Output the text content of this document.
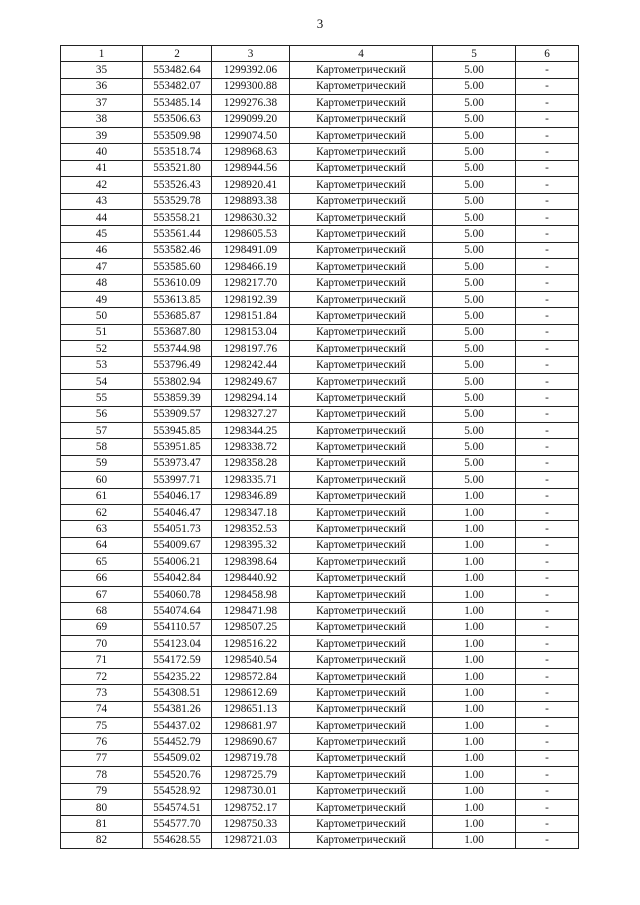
3
1	2	3	4	5	6
35	553482.64	1299392.06	Картометрический	5.00	-
36	553482.07	1299300.88	Картометрический	5.00	-
37	553485.14	1299276.38	Картометрический	5.00	-
38	553506.63	1299099.20	Картометрический	5.00	-
39	553509.98	1299074.50	Картометрический	5.00	-
40	553518.74	1298968.63	Картометрический	5.00	-
41	553521.80	1298944.56	Картометрический	5.00	-
42	553526.43	1298920.41	Картометрический	5.00	-
43	553529.78	1298893.38	Картометрический	5.00	-
44	553558.21	1298630.32	Картометрический	5.00	-
45	553561.44	1298605.53	Картометрический	5.00	-
46	553582.46	1298491.09	Картометрический	5.00	-
47	553585.60	1298466.19	Картометрический	5.00	-
48	553610.09	1298217.70	Картометрический	5.00	-
49	553613.85	1298192.39	Картометрический	5.00	-
50	553685.87	1298151.84	Картометрический	5.00	-
51	553687.80	1298153.04	Картометрический	5.00	-
52	553744.98	1298197.76	Картометрический	5.00	-
53	553796.49	1298242.44	Картометрический	5.00	-
54	553802.94	1298249.67	Картометрический	5.00	-
55	553859.39	1298294.14	Картометрический	5.00	-
56	553909.57	1298327.27	Картометрический	5.00	-
57	553945.85	1298344.25	Картометрический	5.00	-
58	553951.85	1298338.72	Картометрический	5.00	-
59	553973.47	1298358.28	Картометрический	5.00	-
60	553997.71	1298335.71	Картометрический	5.00	-
61	554046.17	1298346.89	Картометрический	1.00	-
62	554046.47	1298347.18	Картометрический	1.00	-
63	554051.73	1298352.53	Картометрический	1.00	-
64	554009.67	1298395.32	Картометрический	1.00	-
65	554006.21	1298398.64	Картометрический	1.00	-
66	554042.84	1298440.92	Картометрический	1.00	-
67	554060.78	1298458.98	Картометрический	1.00	-
68	554074.64	1298471.98	Картометрический	1.00	-
69	554110.57	1298507.25	Картометрический	1.00	-
70	554123.04	1298516.22	Картометрический	1.00	-
71	554172.59	1298540.54	Картометрический	1.00	-
72	554235.22	1298572.84	Картометрический	1.00	-
73	554308.51	1298612.69	Картометрический	1.00	-
74	554381.26	1298651.13	Картометрический	1.00	-
75	554437.02	1298681.97	Картометрический	1.00	-
76	554452.79	1298690.67	Картометрический	1.00	-
77	554509.02	1298719.78	Картометрический	1.00	-
78	554520.76	1298725.79	Картометрический	1.00	-
79	554528.92	1298730.01	Картометрический	1.00	-
80	554574.51	1298752.17	Картометрический	1.00	-
81	554577.70	1298750.33	Картометрический	1.00	-
82	554628.55	1298721.03	Картометрический	1.00	-
